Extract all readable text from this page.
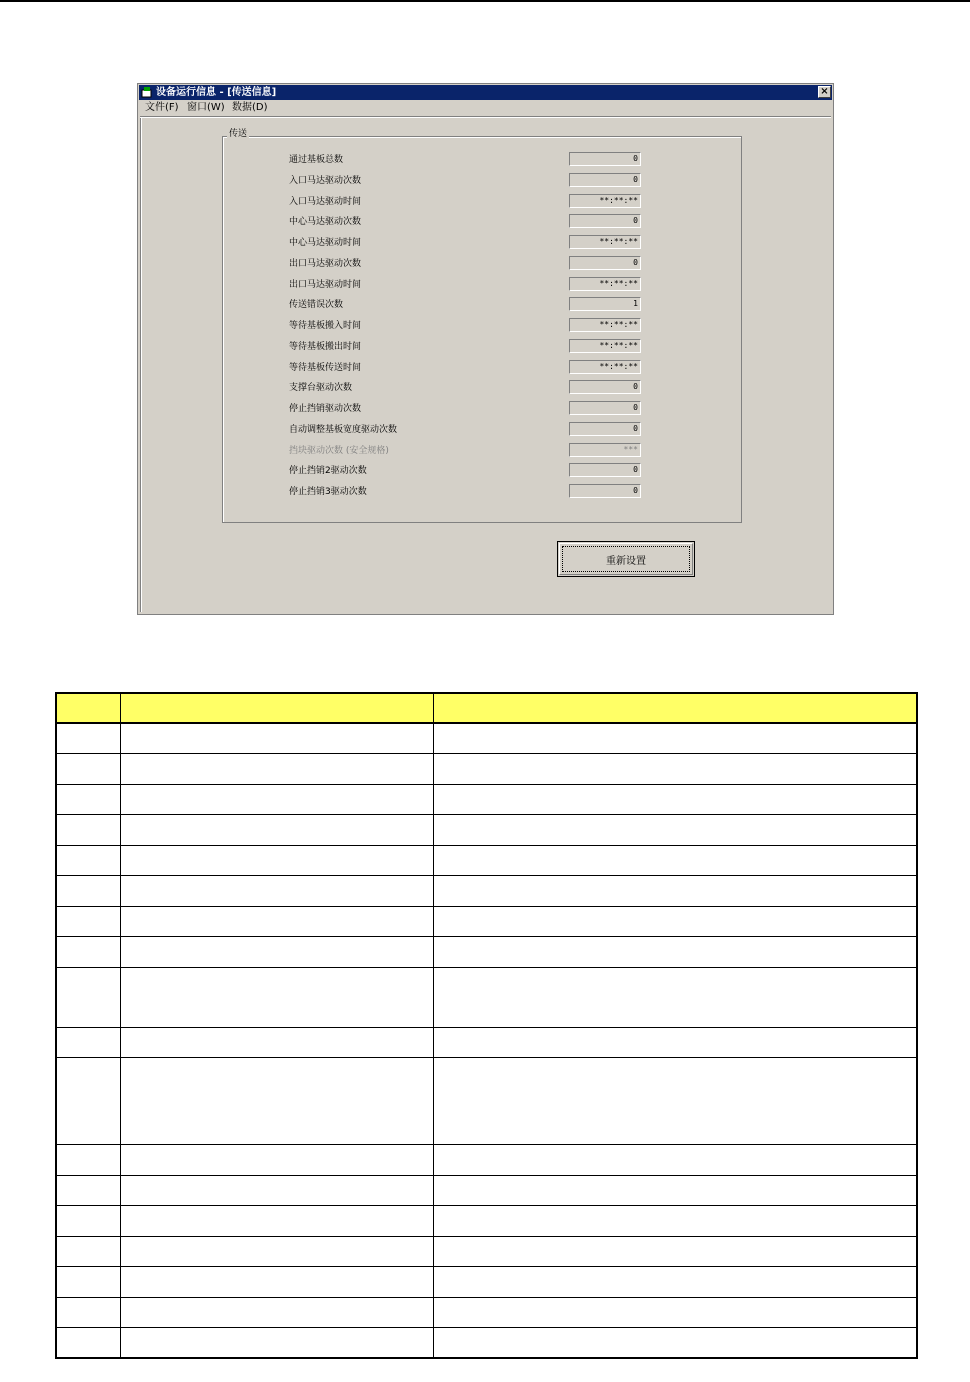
设备运行信息 - [传送信息]	×
文件(F) 窗口(W) 数据(D)
传送
通过基板总数	0
入口马达驱动次数	0
入口马达驱动时间	**:**:**
中心马达驱动次数	0
中心马达驱动时间	**:**:**
出口马达驱动次数	0
出口马达驱动时间	**:**:**
传送错误次数	1
等待基板搬入时间	**:**:**
等待基板搬出时间	**:**:**
等待基板传送时间	**:**:**
支撑台驱动次数	0
停止挡销驱动次数	0
自动调整基板宽度驱动次数	0
挡块驱动次数 (安全规格)	***
停止挡销2驱动次数	0
停止挡销3驱动次数	0
重新设置
